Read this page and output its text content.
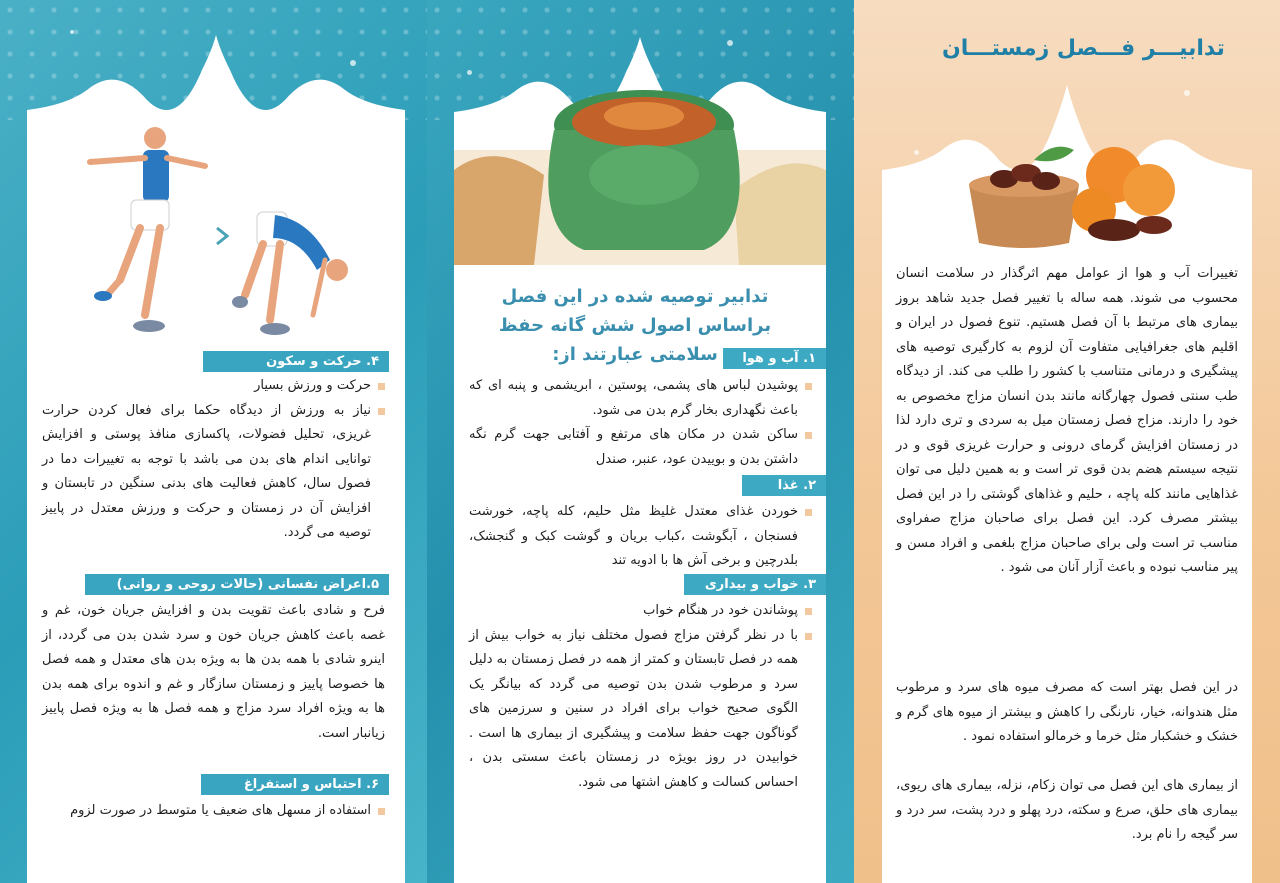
۴. حرکت و سکون

حرکت و ورزش بسیار

نیاز به ورزش از دیدگاه حکما برای فعال کردن حرارت غریزی، تحلیل فضولات، پاکسازی منافذ پوستی و افزایش توانایی اندام های بدن می باشد با توجه به تغییرات دما در فصول سال، کاهش فعالیت های بدنی سنگین در تابستان و افزایش آن در زمستان و حرکت و ورزش معتدل در پاییز توصیه می گردد.

۵.اعراض نفسانی (حالات روحی و روانی)
فرح و شادی باعث تقویت بدن و افزایش جریان خون، غم و غصه باعث کاهش جریان خون و سرد شدن بدن می گردد، از اینرو شادی با همه بدن ها به ویژه بدن های معتدل و همه فصل ها خصوصا پاییز و زمستان سازگار و غم و اندوه برای همه بدن ها به ویژه افراد سرد مزاج و همه فصل ها به ویژه فصل پاییز زیانبار است.
۶. احتباس و استفراغ

استفاده از مسهل های ضعیف یا متوسط در صورت لزوم

تدابیر توصیه شده در این فصل براساس اصول شش گانه حفظ سلامتی عبارتند از:	۱. آب و هوا

پوشیدن لباس های پشمی، پوستین ، ابریشمی و پنبه ای که باعث نگهداری بخار گرم بدن می شود.

ساکن شدن در مکان های مرتفع و آفتابی جهت گرم نگه داشتن بدن و بوییدن عود، عنبر، صندل

۲. غذا

خوردن غذای معتدل غلیظ مثل حلیم، کله پاچه، خورشت فسنجان ، آبگوشت ،کباب بریان و گوشت کبک و گنجشک، بلدرچین و برخی آش ها با ادویه تند

۳. خواب و بیداری

پوشاندن خود در هنگام خواب

با در نظر گرفتن مزاج فصول مختلف نیاز به خواب بیش از همه در فصل تابستان و کمتر از همه در فصل زمستان به دلیل سرد و مرطوب شدن بدن توصیه می گردد که بیانگر یک الگوی صحیح خواب برای افراد در سنین و سرزمین های گوناگون جهت حفظ سلامت و پیشگیری از بیماری ها است . خوابیدن در روز بویژه در زمستان باعث سستی بدن ، احساس کسالت و کاهش اشتها می شود.

تدابیـــر فـــصل زمستـــان
تغییرات آب و هوا از عوامل مهم اثرگذار در سلامت انسان محسوب می شوند. همه ساله با تغییر فصل جدید شاهد بروز بیماری های مرتبط با آن فصل هستیم. تنوع فصول در ایران و اقلیم های جغرافیایی متفاوت آن لزوم به کارگیری توصیه های پیشگیری و درمانی متناسب با کشور را طلب می کند. از دیدگاه طب سنتی فصول چهارگانه مانند بدن انسان مزاج مخصوص به خود را دارند. مزاج فصل زمستان میل به سردی و تری دارد لذا در زمستان افزایش گرمای درونی و حرارت غریزی قوی و در نتیجه سیستم هضم بدن قوی تر است و به همین دلیل می توان غذاهایی مانند کله پاچه ، حلیم و غذاهای گوشتی را در این فصل بیشتر مصرف کرد. این فصل برای صاحبان مزاج صفراوی مناسب تر است ولی برای صاحبان مزاج بلغمی و افراد مسن و پیر مناسب نبوده و باعث آزار آنان می شود .
در این فصل بهتر است که مصرف میوه های سرد و مرطوب مثل هندوانه، خیار، نارنگی را کاهش و بیشتر از میوه های گرم و خشک و خشکبار مثل خرما و خرمالو استفاده نمود .
از بیماری های این فصل می توان زکام، نزله، بیماری های ریوی، بیماری های حلق، صرع و سکته، درد پهلو و درد پشت، سر درد و سر گیجه را نام برد.
